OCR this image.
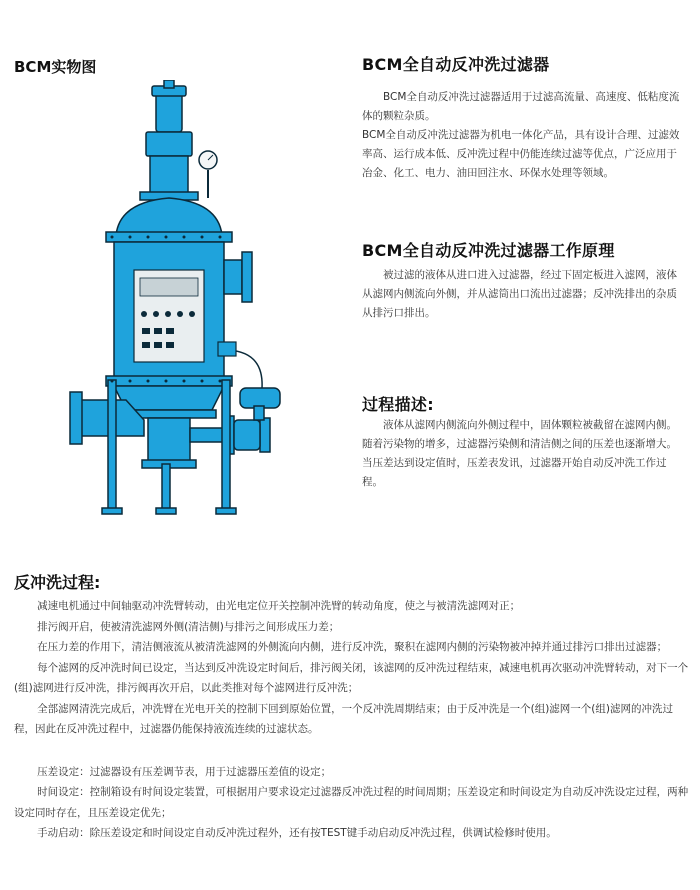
BCM实物图	BCM全自动反冲洗过滤器

BCM全自动反冲洗过滤器适用于过滤高流量、高速度、低粘度流体的颗粒杂质。

BCM全自动反冲洗过滤器为机电一体化产品，具有设计合理、过滤效率高、运行成本低、反冲洗过程中仍能连续过滤等优点，广泛应用于冶金、化工、电力、油田回注水、环保水处理等领域。

BCM全自动反冲洗过滤器工作原理

被过滤的液体从进口进入过滤器，经过下固定板进入滤网，液体从滤网内侧流向外侧，并从滤筒出口流出过滤器；反冲洗排出的杂质从排污口排出。

过程描述:

液体从滤网内侧流向外侧过程中，固体颗粒被截留在滤网内侧。随着污染物的增多，过滤器污染侧和清洁侧之间的压差也逐渐增大。当压差达到设定值时，压差表发讯，过滤器开始自动反冲洗工作过程。

反冲洗过程:

减速电机通过中间轴驱动冲洗臂转动，由光电定位开关控制冲洗臂的转动角度，使之与被清洗滤网对正；

排污阀开启，使被清洗滤网外侧(清洁侧)与排污之间形成压力差；

在压力差的作用下，清洁侧液流从被清洗滤网的外侧流向内侧，进行反冲洗，聚积在滤网内侧的污染物被冲掉并通过排污口排出过滤器；

每个滤网的反冲洗时间已设定，当达到反冲洗设定时间后，排污阀关闭，该滤网的反冲洗过程结束，减速电机再次驱动冲洗臂转动，对下一个(组)滤网进行反冲洗，排污阀再次开启，以此类推对每个滤网进行反冲洗；

全部滤网清洗完成后，冲洗臂在光电开关的控制下回到原始位置，一个反冲洗周期结束；由于反冲洗是一个(组)滤网一个(组)滤网的冲洗过程，因此在反冲洗过程中，过滤器仍能保持液流连续的过滤状态。

压差设定：过滤器设有压差调节表，用于过滤器压差值的设定；

时间设定：控制箱设有时间设定装置，可根据用户要求设定过滤器反冲洗过程的时间周期；压差设定和时间设定为自动反冲洗设定过程，两种设定同时存在，且压差设定优先；

手动启动：除压差设定和时间设定自动反冲洗过程外，还有按TEST键手动启动反冲洗过程，供调试检修时使用。
